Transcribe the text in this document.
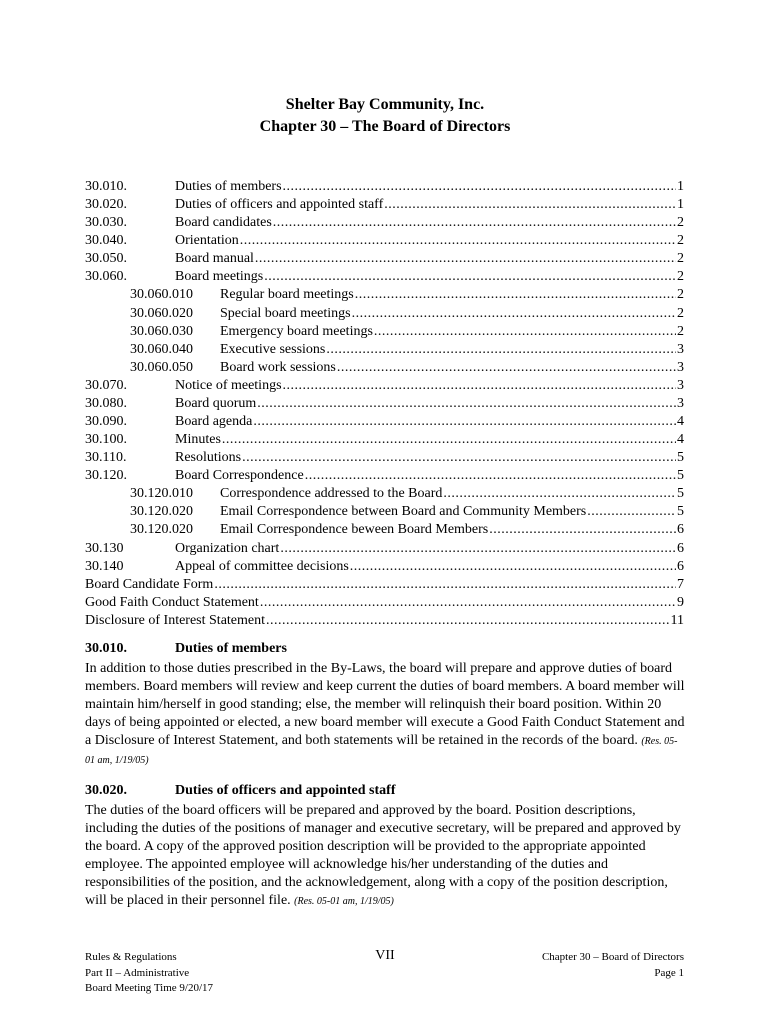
Shelter Bay Community, Inc.
Chapter 30 – The Board of Directors
30.010.	Duties of members .....	1
30.020.	Duties of officers and appointed staff .....	1
30.030.	Board candidates .....	2
30.040.	Orientation .....	2
30.050.	Board manual .....	2
30.060.	Board meetings .....	2
30.060.010	Regular board meetings .....	2
30.060.020	Special board meetings .....	2
30.060.030	Emergency board meetings .....	2
30.060.040	Executive sessions .....	3
30.060.050	Board work sessions .....	3
30.070.	Notice of meetings .....	3
30.080.	Board quorum .....	3
30.090.	Board agenda .....	4
30.100.	Minutes .....	4
30.110.	Resolutions .....	5
30.120.	Board Correspondence .....	5
30.120.010	Correspondence addressed to the Board .....	5
30.120.020	Email Correspondence between Board and Community Members .....	5
30.120.020	Email Correspondence beween Board Members .....	6
30.130	Organization chart .....	6
30.140	Appeal of committee decisions .....	6
Board Candidate Form .....	7
Good Faith Conduct Statement .....	9
Disclosure of Interest Statement .....	11
30.010.	Duties of members
In addition to those duties prescribed in the By-Laws, the board will prepare and approve duties of board members. Board members will review and keep current the duties of board members. A board member will maintain him/herself in good standing; else, the member will relinquish their board position. Within 20 days of being appointed or elected, a new board member will execute a Good Faith Conduct Statement and a Disclosure of Interest Statement, and both statements will be retained in the records of the board. (Res. 05-01 am, 1/19/05)
30.020.	Duties of officers and appointed staff
The duties of the board officers will be prepared and approved by the board. Position descriptions, including the duties of the positions of manager and executive secretary, will be prepared and approved by the board. A copy of the approved position description will be provided to the appropriate appointed employee. The appointed employee will acknowledge his/her understanding of the duties and responsibilities of the position, and the acknowledgement, along with a copy of the position description, will be placed in their personnel file. (Res. 05-01 am, 1/19/05)
Rules & Regulations
Part II – Administrative
Board Meeting Time 9/20/17
VII	Chapter 30 – Board of Directors
Page 1
